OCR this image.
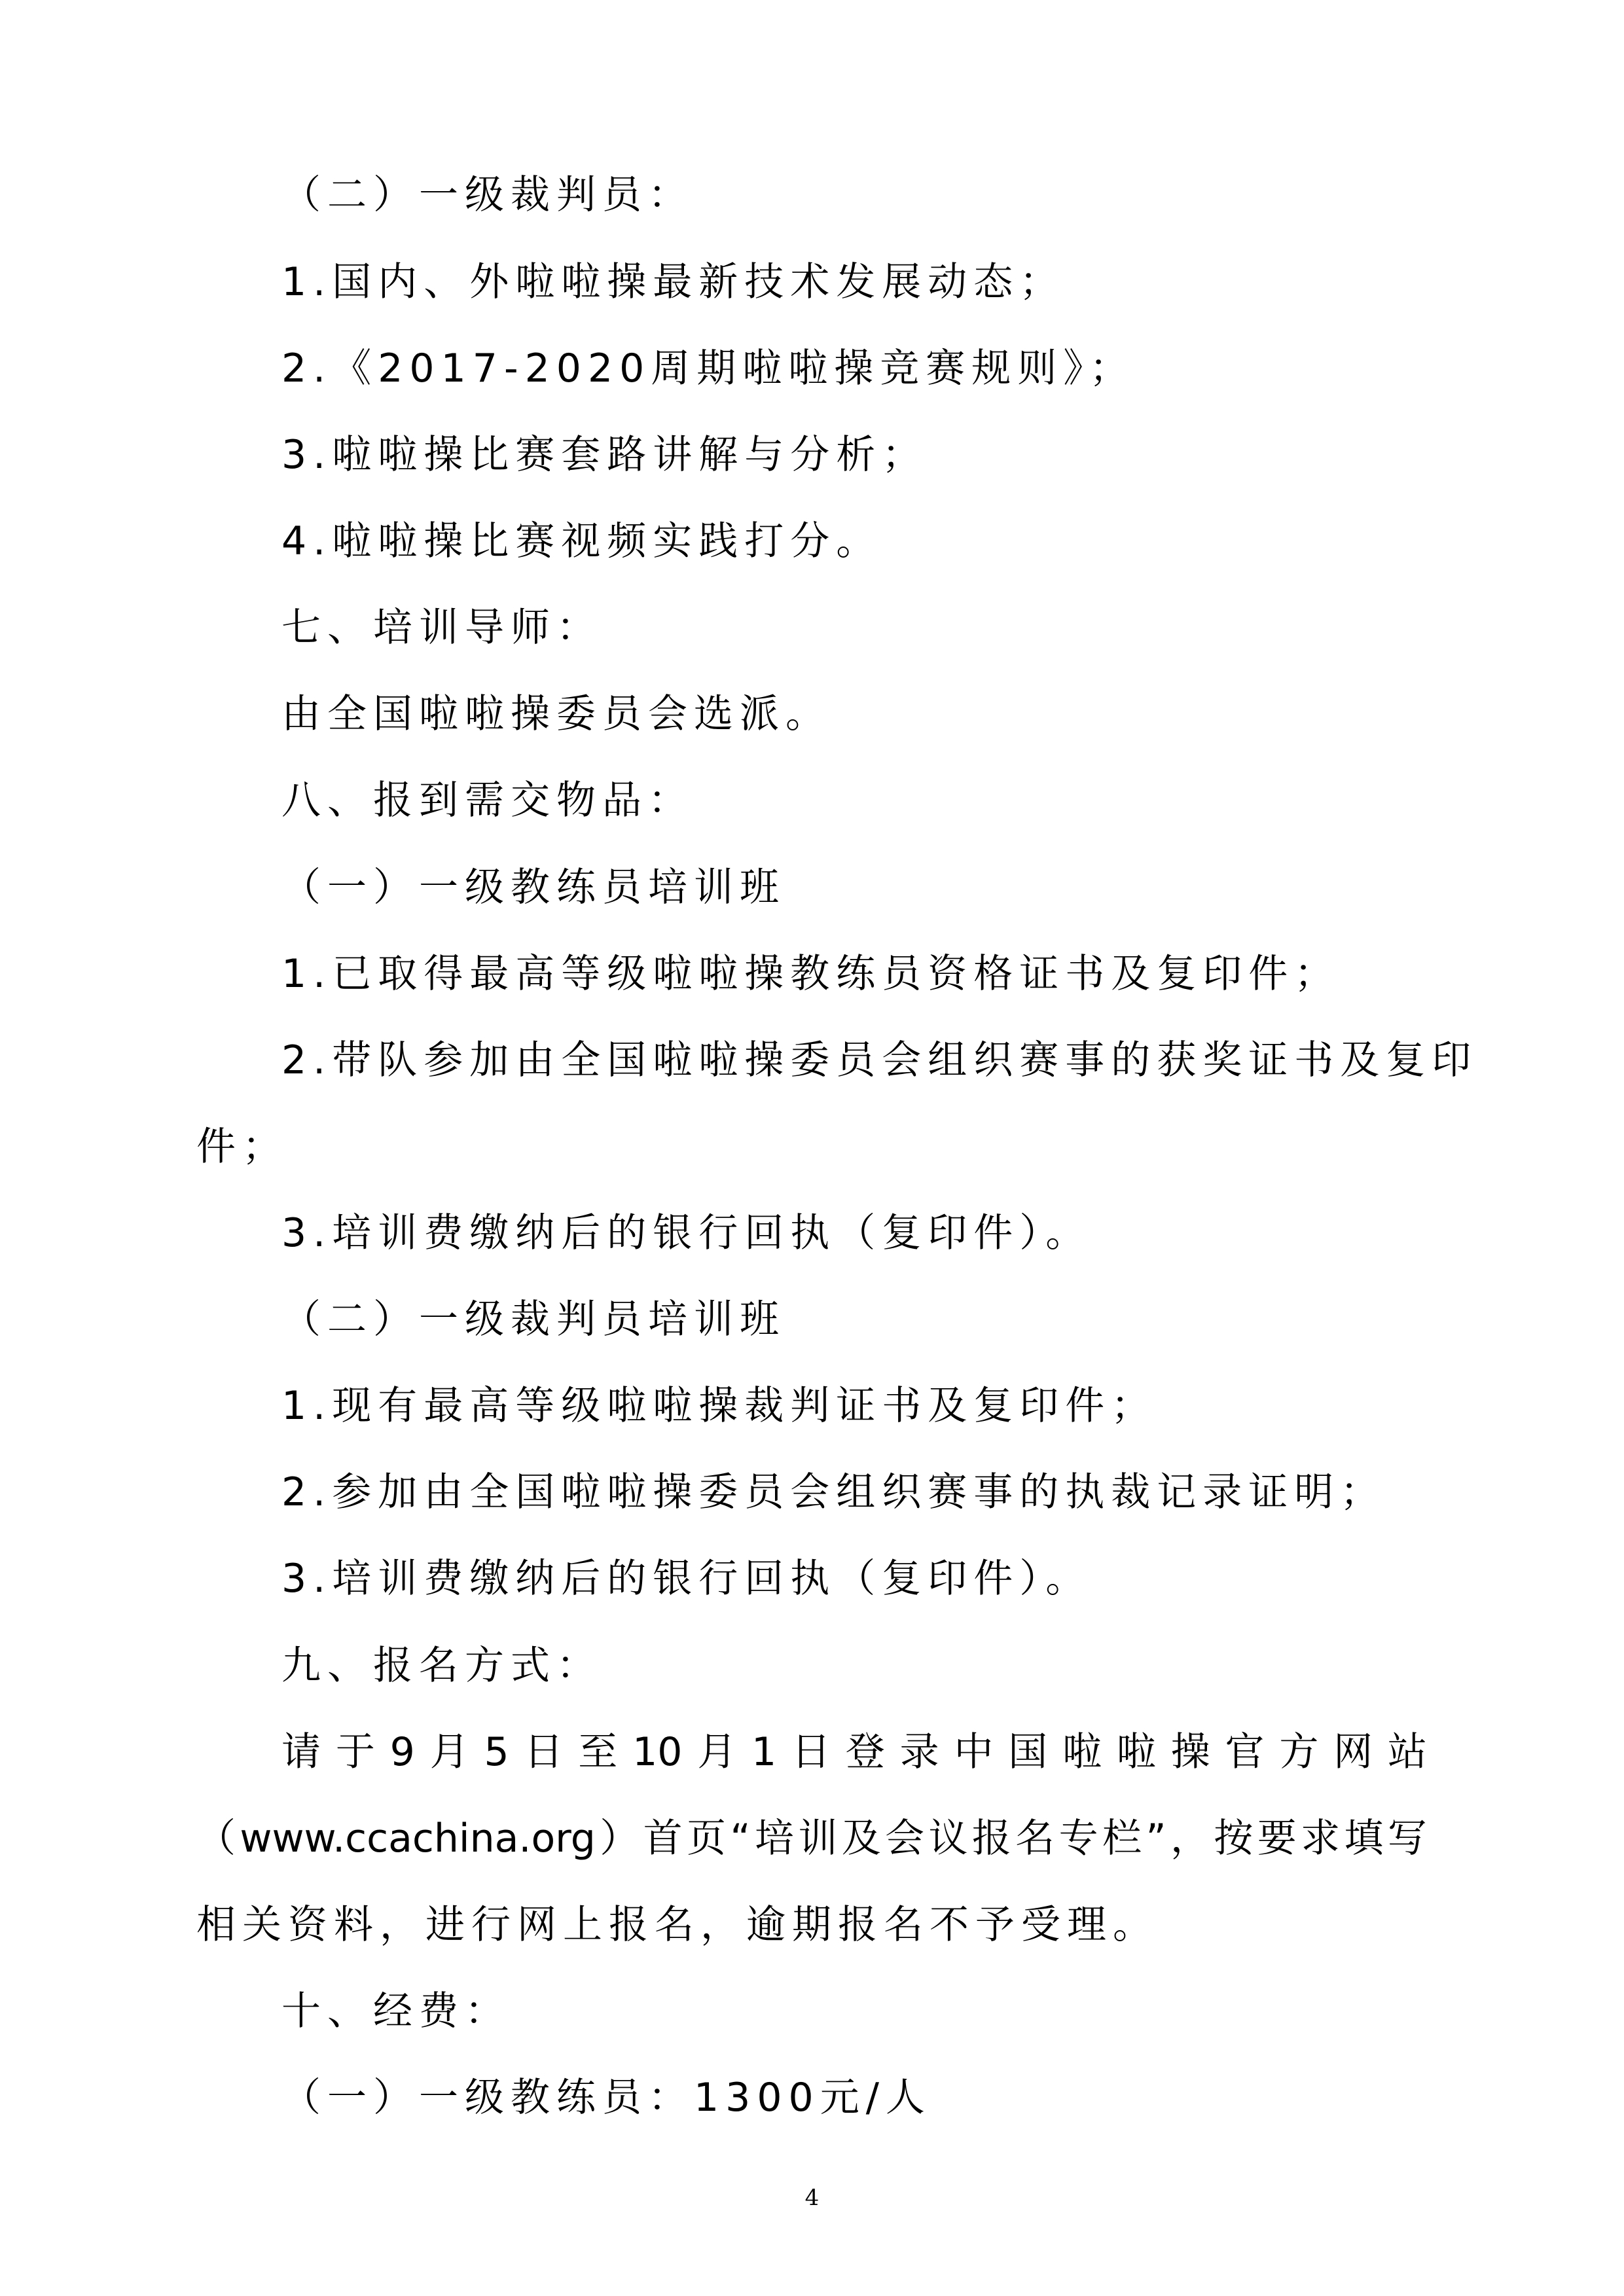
（二）一级裁判员：
1.国内、外啦啦操最新技术发展动态；
2.《2017-2020周期啦啦操竞赛规则》；
3.啦啦操比赛套路讲解与分析；
4.啦啦操比赛视频实践打分。
七、培训导师：
由全国啦啦操委员会选派。
八、报到需交物品：
（一）一级教练员培训班
1.已取得最高等级啦啦操教练员资格证书及复印件；
2.带队参加由全国啦啦操委员会组织赛事的获奖证书及复印
件；
3.培训费缴纳后的银行回执（复印件）。
（二）一级裁判员培训班
1.现有最高等级啦啦操裁判证书及复印件；
2.参加由全国啦啦操委员会组织赛事的执裁记录证明；
3.培训费缴纳后的银行回执（复印件）。
九、报名方式：
请 于 9 月 5 日 至 10 月 1 日 登 录 中 国 啦 啦 操 官 方 网 站
（ www.ccachina.org ） 首 页 “ 培 训 及 会 议 报 名 专 栏 ” ， 按 要 求 填 写
相关资料，进行网上报名，逾期报名不予受理。
十、经费：
（一）一级教练员：1300元/人
4
